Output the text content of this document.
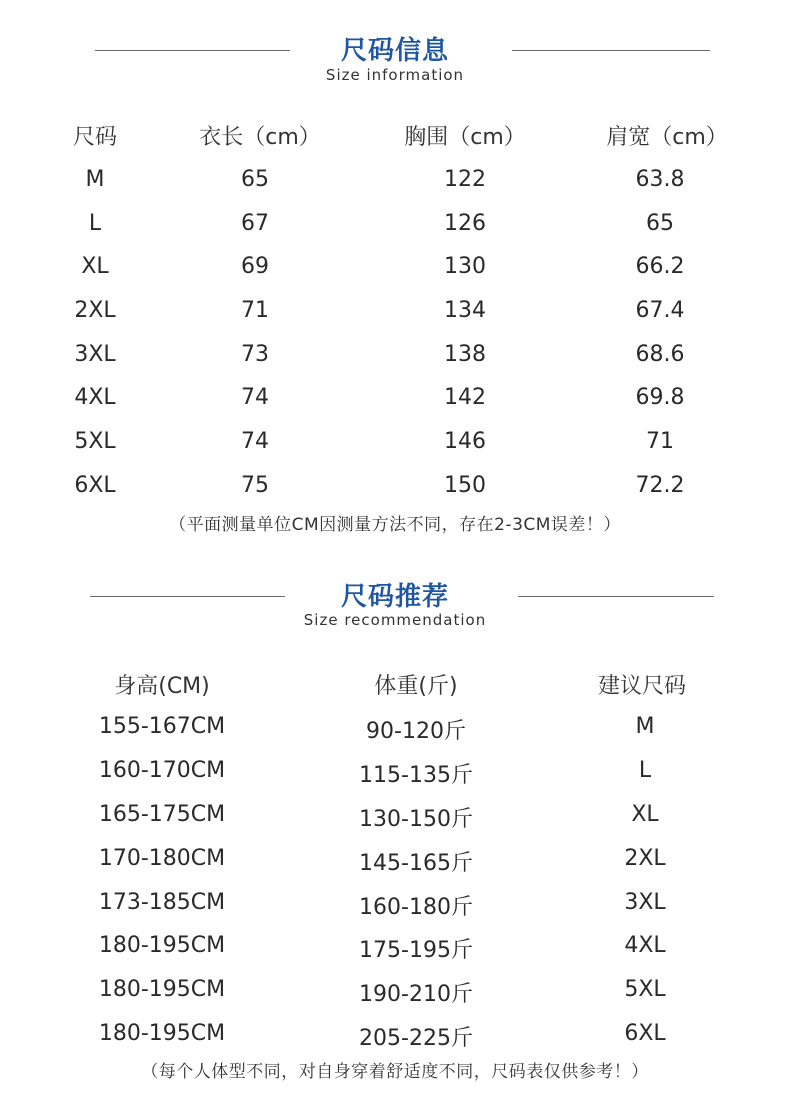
尺码信息
Size information
尺码	衣长（cm）	胸围（cm）	肩宽（cm）
M	65	122	63.8
L	67	126	65
XL	69	130	66.2
2XL	71	134	67.4
3XL	73	138	68.6
4XL	74	142	69.8
5XL	74	146	71
6XL	75	150	72.2
（平面测量单位CM因测量方法不同，存在2-3CM误差！）
尺码推荐
Size recommendation
身高(CM)	体重(斤)	建议尺码
155-167CM	90-120斤	M
160-170CM	115-135斤	L
165-175CM	130-150斤	XL
170-180CM	145-165斤	2XL
173-185CM	160-180斤	3XL
180-195CM	175-195斤	4XL
180-195CM	190-210斤	5XL
180-195CM	205-225斤	6XL
（每个人体型不同，对自身穿着舒适度不同，尺码表仅供参考！）
